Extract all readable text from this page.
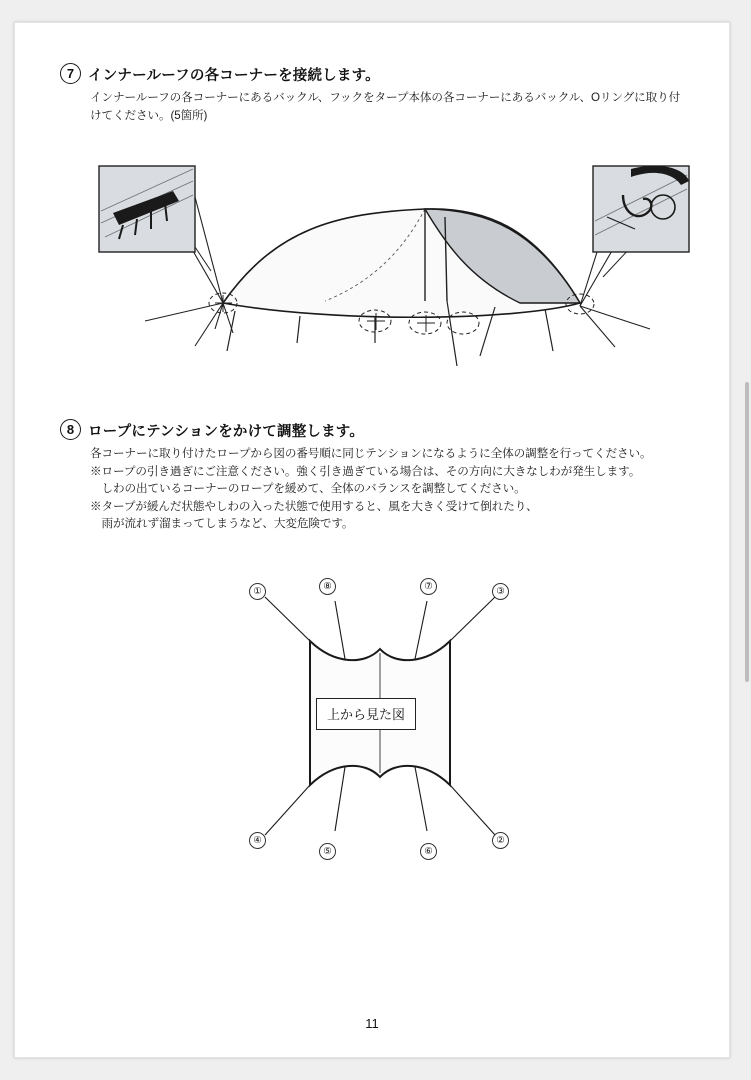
7 インナールーフの各コーナーを接続します。
インナールーフの各コーナーにあるバックル、フックをタープ本体の各コーナーにあるバックル、Oリングに取り付
けてください。(5箇所)
8 ロープにテンションをかけて調整します。
各コーナーに取り付けたロープから図の番号順に同じテンションになるように全体の調整を行ってください。
※ロープの引き過ぎにご注意ください。強く引き過ぎている場合は、その方向に大きなしわが発生します。
　しわの出ているコーナーのロープを緩めて、全体のバランスを調整してください。
※タープが緩んだ状態やしわの入った状態で使用すると、風を大きく受けて倒れたり、
　雨が流れず溜まってしまうなど、大変危険です。
上から見た図
①	⑧	⑦	③
④
⑤	⑥
②
11
